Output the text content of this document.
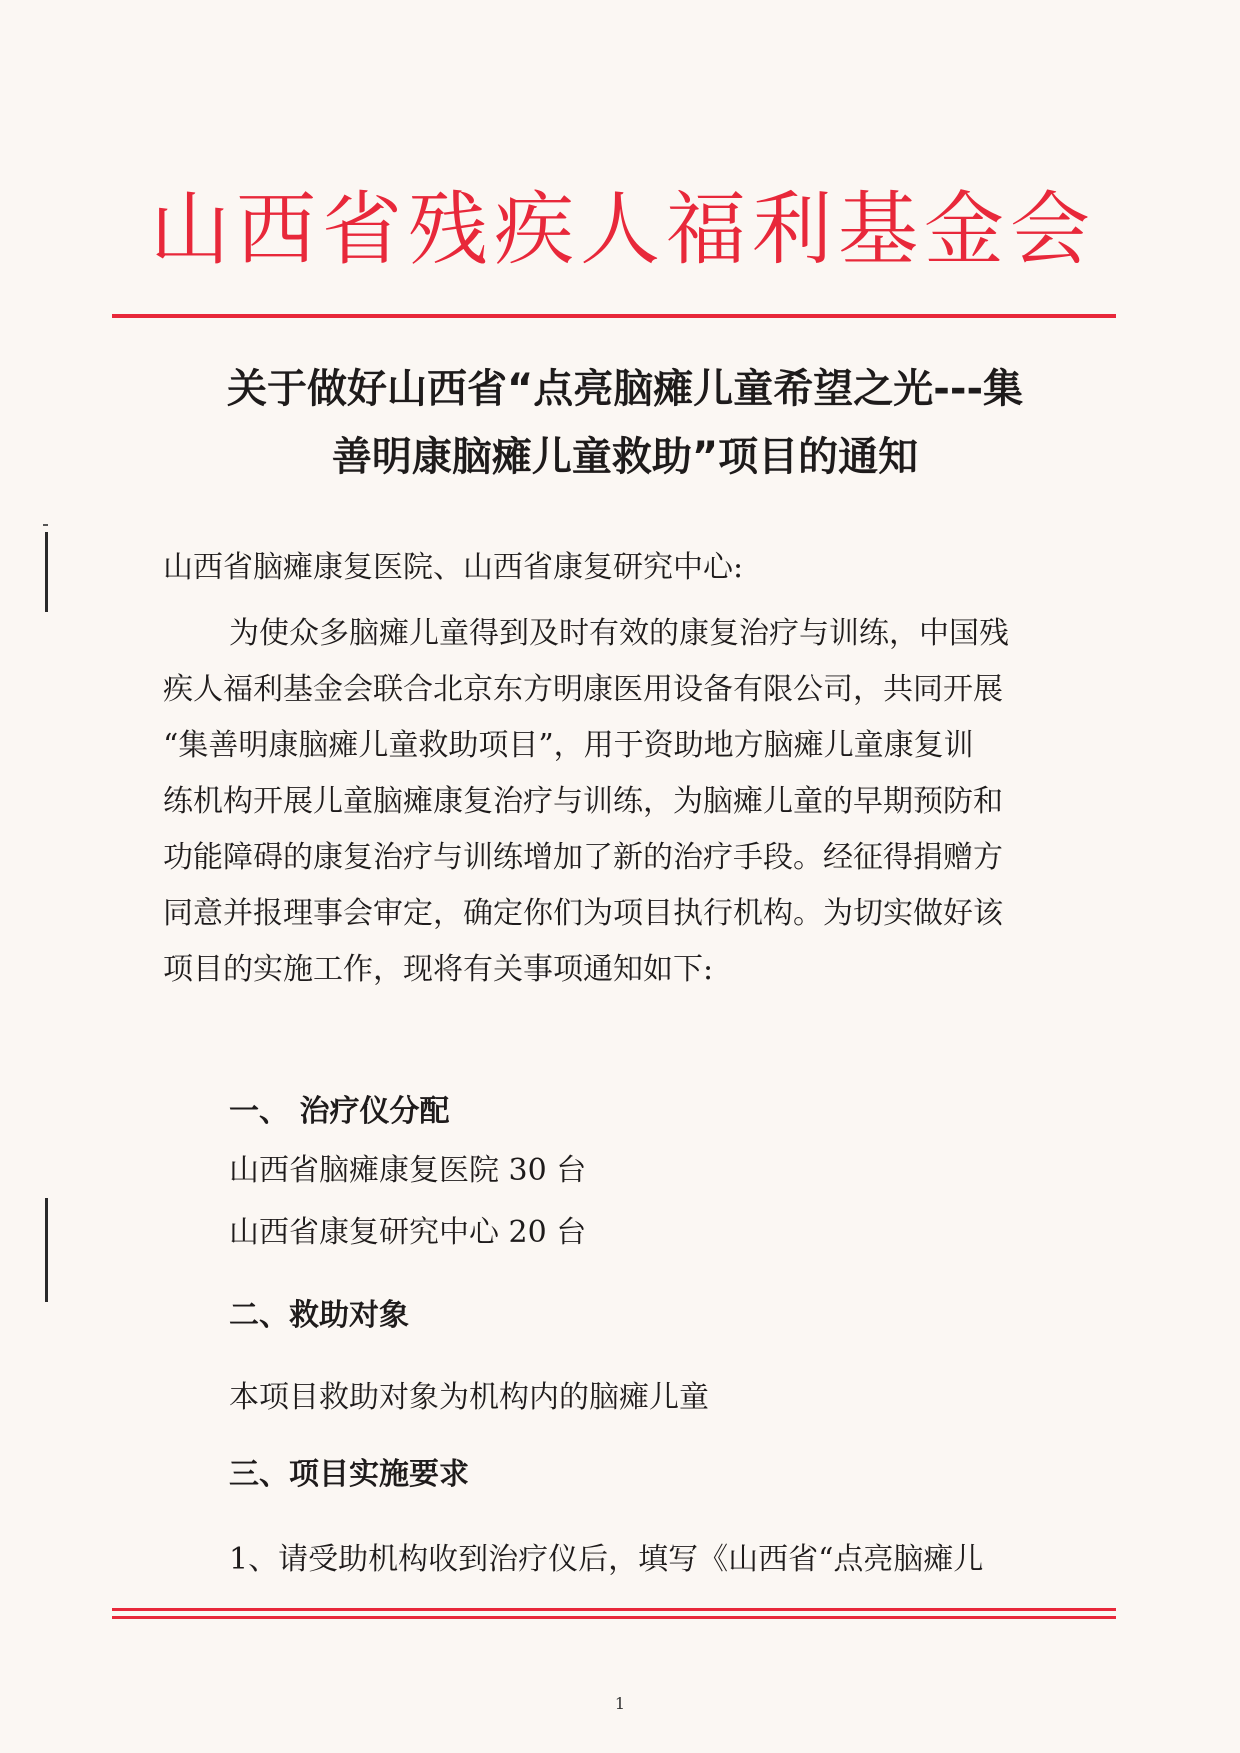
山西省残疾人福利基金会
关于做好山西省“点亮脑瘫儿童希望之光---集
善明康脑瘫儿童救助”项目的通知
山西省脑瘫康复医院、山西省康复研究中心:
为使众多脑瘫儿童得到及时有效的康复治疗与训练，中国残
疾人福利基金会联合北京东方明康医用设备有限公司，共同开展
“集善明康脑瘫儿童救助项目”，用于资助地方脑瘫儿童康复训
练机构开展儿童脑瘫康复治疗与训练，为脑瘫儿童的早期预防和
功能障碍的康复治疗与训练增加了新的治疗手段。经征得捐赠方
同意并报理事会审定，确定你们为项目执行机构。为切实做好该
项目的实施工作，现将有关事项通知如下:
一、 治疗仪分配
山西省脑瘫康复医院 30 台
山西省康复研究中心 20 台
二、救助对象
本项目救助对象为机构内的脑瘫儿童
三、项目实施要求
1、请受助机构收到治疗仪后，填写《山西省“点亮脑瘫儿
1
